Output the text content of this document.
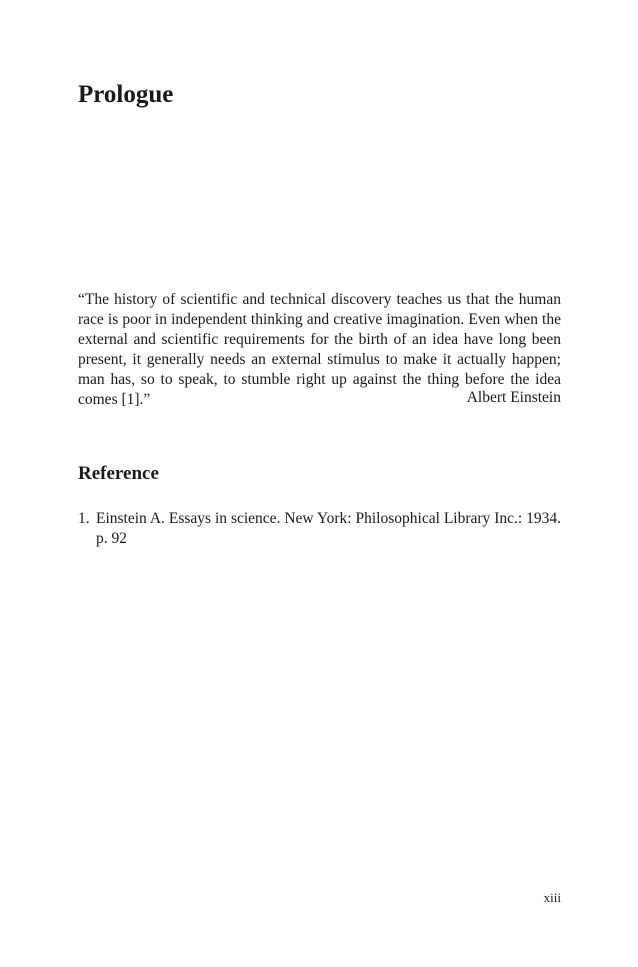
Prologue

“The history of scientific and technical discovery teaches us that the human race is poor in independent thinking and creative imagination. Even when the external and scientific requirements for the birth of an idea have long been present, it generally needs an external stimulus to make it actually happen; man has, so to speak, to stumble right up against the thing before the idea comes [1].”	Albert Einstein

Reference
1. Einstein A. Essays in science. New York: Philosophical Library Inc.: 1934. p. 92

xiii
